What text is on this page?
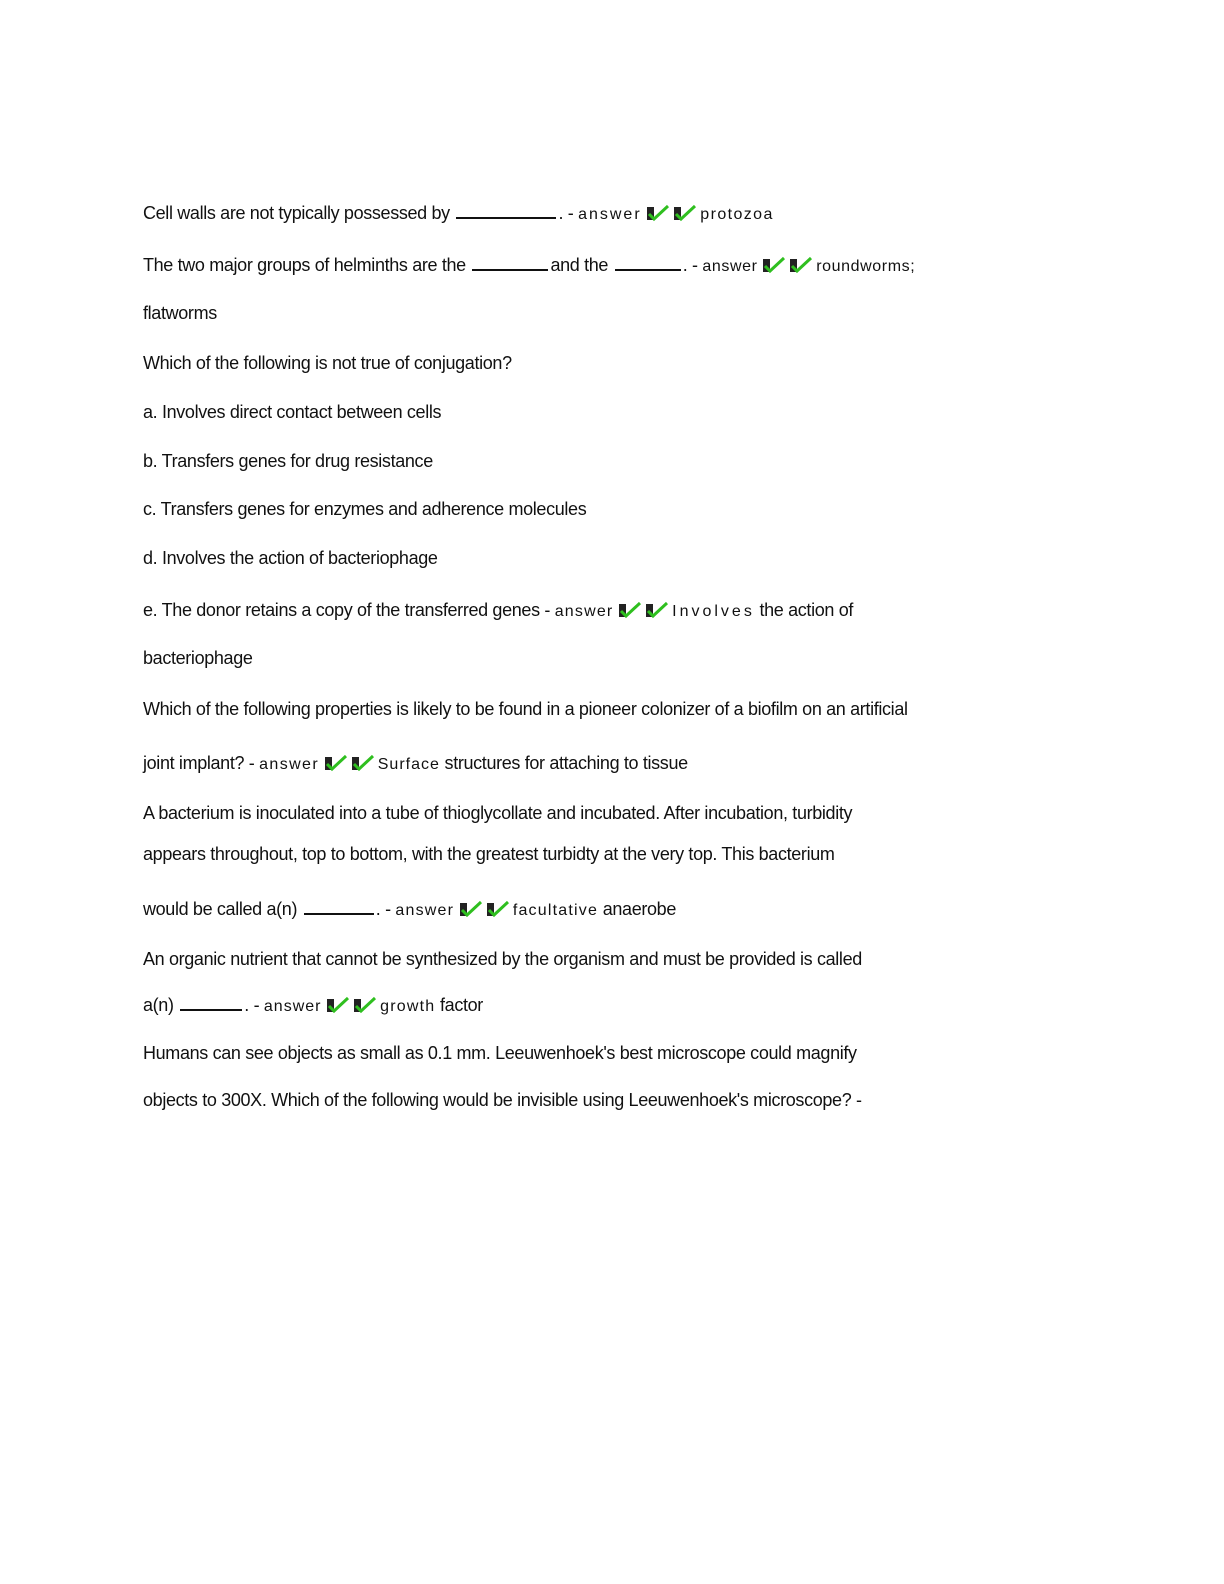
Cell walls are not typically possessed by	. - answer	protozoa
The two major groups of helminths are the	and the	. - answer	roundworms;
flatworms
Which of the following is not true of conjugation?
a. Involves direct contact between cells
b. Transfers genes for drug resistance
c. Transfers genes for enzymes and adherence molecules
d. Involves the action of bacteriophage
e. The donor retains a copy of the transferred genes - answer	Involves the action of
bacteriophage
Which of the following properties is likely to be found in a pioneer colonizer of a biofilm on an artificial
joint implant? - answer	Surface structures for attaching to tissue
A bacterium is inoculated into a tube of thioglycollate and incubated. After incubation, turbidity
appears throughout, top to bottom, with the greatest turbidty at the very top. This bacterium
would be called a(n)	. - answer	facultative anaerobe
An organic nutrient that cannot be synthesized by the organism and must be provided is called
a(n)	. - answer	growth factor
Humans can see objects as small as 0.1 mm. Leeuwenhoek's best microscope could magnify
objects to 300X. Which of the following would be invisible using Leeuwenhoek's microscope? -
